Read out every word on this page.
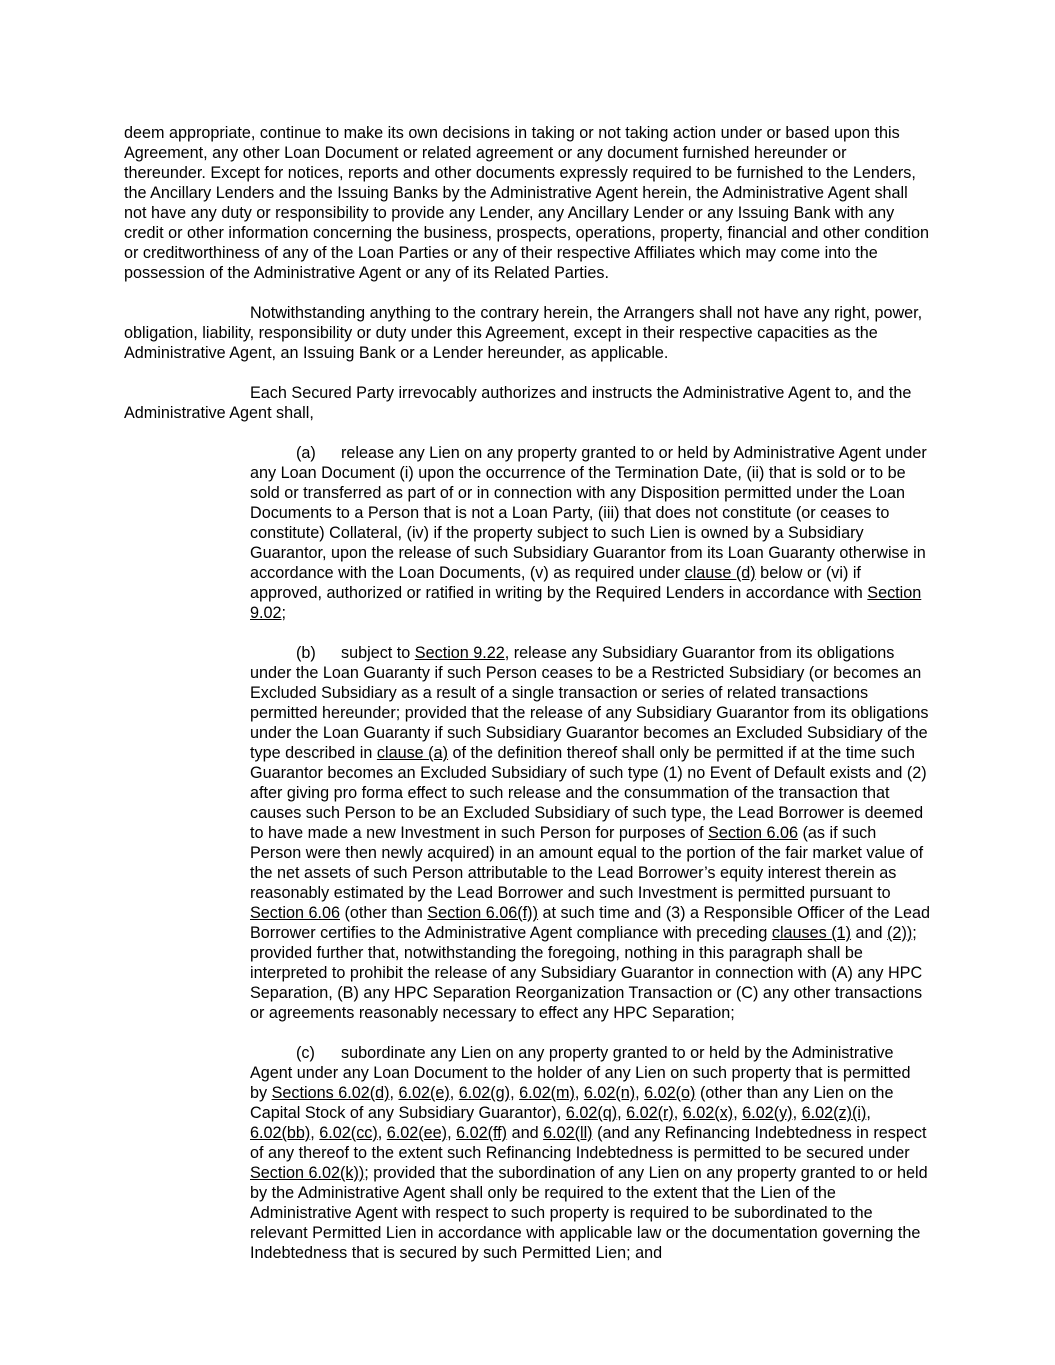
deem appropriate, continue to make its own decisions in taking or not taking action under or based upon this Agreement, any other Loan Document or related agreement or any document furnished hereunder or thereunder. Except for notices, reports and other documents expressly required to be furnished to the Lenders, the Ancillary Lenders and the Issuing Banks by the Administrative Agent herein, the Administrative Agent shall not have any duty or responsibility to provide any Lender, any Ancillary Lender or any Issuing Bank with any credit or other information concerning the business, prospects, operations, property, financial and other condition or creditworthiness of any of the Loan Parties or any of their respective Affiliates which may come into the possession of the Administrative Agent or any of its Related Parties.

Notwithstanding anything to the contrary herein, the Arrangers shall not have any right, power, obligation, liability, responsibility or duty under this Agreement, except in their respective capacities as the Administrative Agent, an Issuing Bank or a Lender hereunder, as applicable.

Each Secured Party irrevocably authorizes and instructs the Administrative Agent to, and the Administrative Agent shall,

(a) release any Lien on any property granted to or held by Administrative Agent under any Loan Document (i) upon the occurrence of the Termination Date, (ii) that is sold or to be sold or transferred as part of or in connection with any Disposition permitted under the Loan Documents to a Person that is not a Loan Party, (iii) that does not constitute (or ceases to constitute) Collateral, (iv) if the property subject to such Lien is owned by a Subsidiary Guarantor, upon the release of such Subsidiary Guarantor from its Loan Guaranty otherwise in accordance with the Loan Documents, (v) as required under clause (d) below or (vi) if approved, authorized or ratified in writing by the Required Lenders in accordance with Section 9.02;

(b) subject to Section 9.22, release any Subsidiary Guarantor from its obligations under the Loan Guaranty if such Person ceases to be a Restricted Subsidiary (or becomes an Excluded Subsidiary as a result of a single transaction or series of related transactions permitted hereunder; provided that the release of any Subsidiary Guarantor from its obligations under the Loan Guaranty if such Subsidiary Guarantor becomes an Excluded Subsidiary of the type described in clause (a) of the definition thereof shall only be permitted if at the time such Guarantor becomes an Excluded Subsidiary of such type (1) no Event of Default exists and (2) after giving pro forma effect to such release and the consummation of the transaction that causes such Person to be an Excluded Subsidiary of such type, the Lead Borrower is deemed to have made a new Investment in such Person for purposes of Section 6.06 (as if such Person were then newly acquired) in an amount equal to the portion of the fair market value of the net assets of such Person attributable to the Lead Borrower’s equity interest therein as reasonably estimated by the Lead Borrower and such Investment is permitted pursuant to Section 6.06 (other than Section 6.06(f)) at such time and (3) a Responsible Officer of the Lead Borrower certifies to the Administrative Agent compliance with preceding clauses (1) and (2)); provided further that, notwithstanding the foregoing, nothing in this paragraph shall be interpreted to prohibit the release of any Subsidiary Guarantor in connection with (A) any HPC Separation, (B) any HPC Separation Reorganization Transaction or (C) any other transactions or agreements reasonably necessary to effect any HPC Separation;

(c) subordinate any Lien on any property granted to or held by the Administrative Agent under any Loan Document to the holder of any Lien on such property that is permitted by Sections 6.02(d), 6.02(e), 6.02(g), 6.02(m), 6.02(n), 6.02(o) (other than any Lien on the Capital Stock of any Subsidiary Guarantor), 6.02(q), 6.02(r), 6.02(x), 6.02(y), 6.02(z)(i), 6.02(bb), 6.02(cc), 6.02(ee), 6.02(ff) and 6.02(ll) (and any Refinancing Indebtedness in respect of any thereof to the extent such Refinancing Indebtedness is permitted to be secured under Section 6.02(k)); provided that the subordination of any Lien on any property granted to or held by the Administrative Agent shall only be required to the extent that the Lien of the Administrative Agent with respect to such property is required to be subordinated to the relevant Permitted Lien in accordance with applicable law or the documentation governing the Indebtedness that is secured by such Permitted Lien; and
